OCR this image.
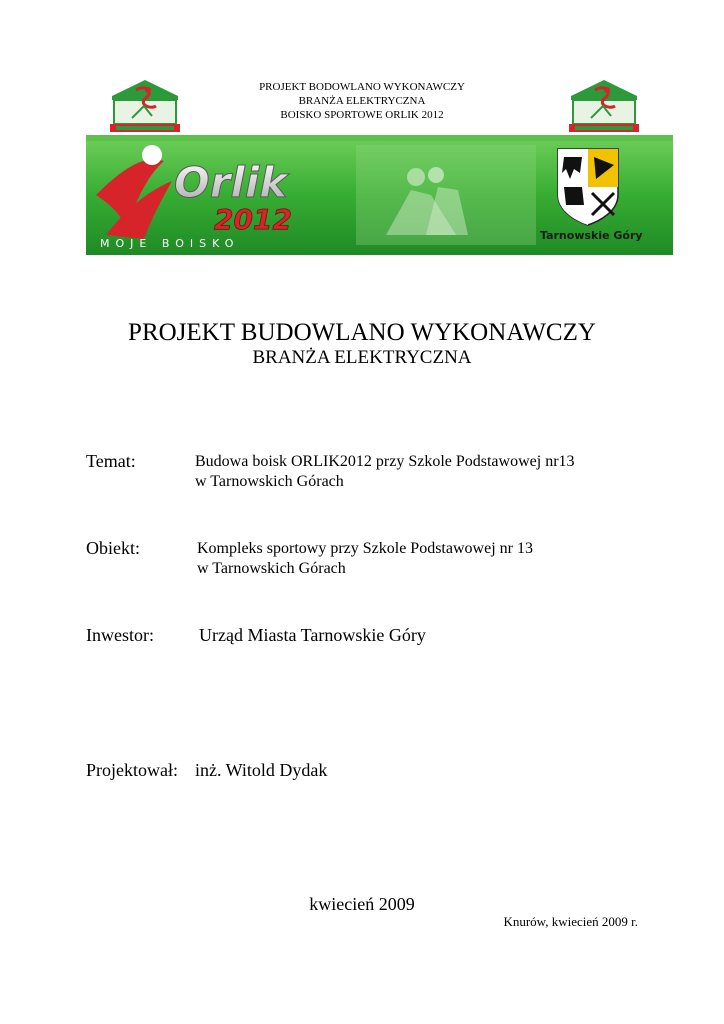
PROJEKT BODOWLANO WYKONAWCZY
BRANŻA ELEKTRYCZNA
BOISKO SPORTOWE ORLIK 2012
Orlik
2012
MOJE BOISKO
Tarnowskie Góry
PROJEKT BUDOWLANO WYKONAWCZY
BRANŻA ELEKTRYCZNA
Temat:	Budowa boisk ORLIK2012 przy Szkole Podstawowej nr13
w Tarnowskich Górach
Obiekt:	Kompleks sportowy przy Szkole Podstawowej nr 13
w Tarnowskich Górach
Inwestor:	Urząd Miasta Tarnowskie Góry
Projektował: inż. Witold Dydak
kwiecień 2009
Knurów, kwiecień 2009 r.
